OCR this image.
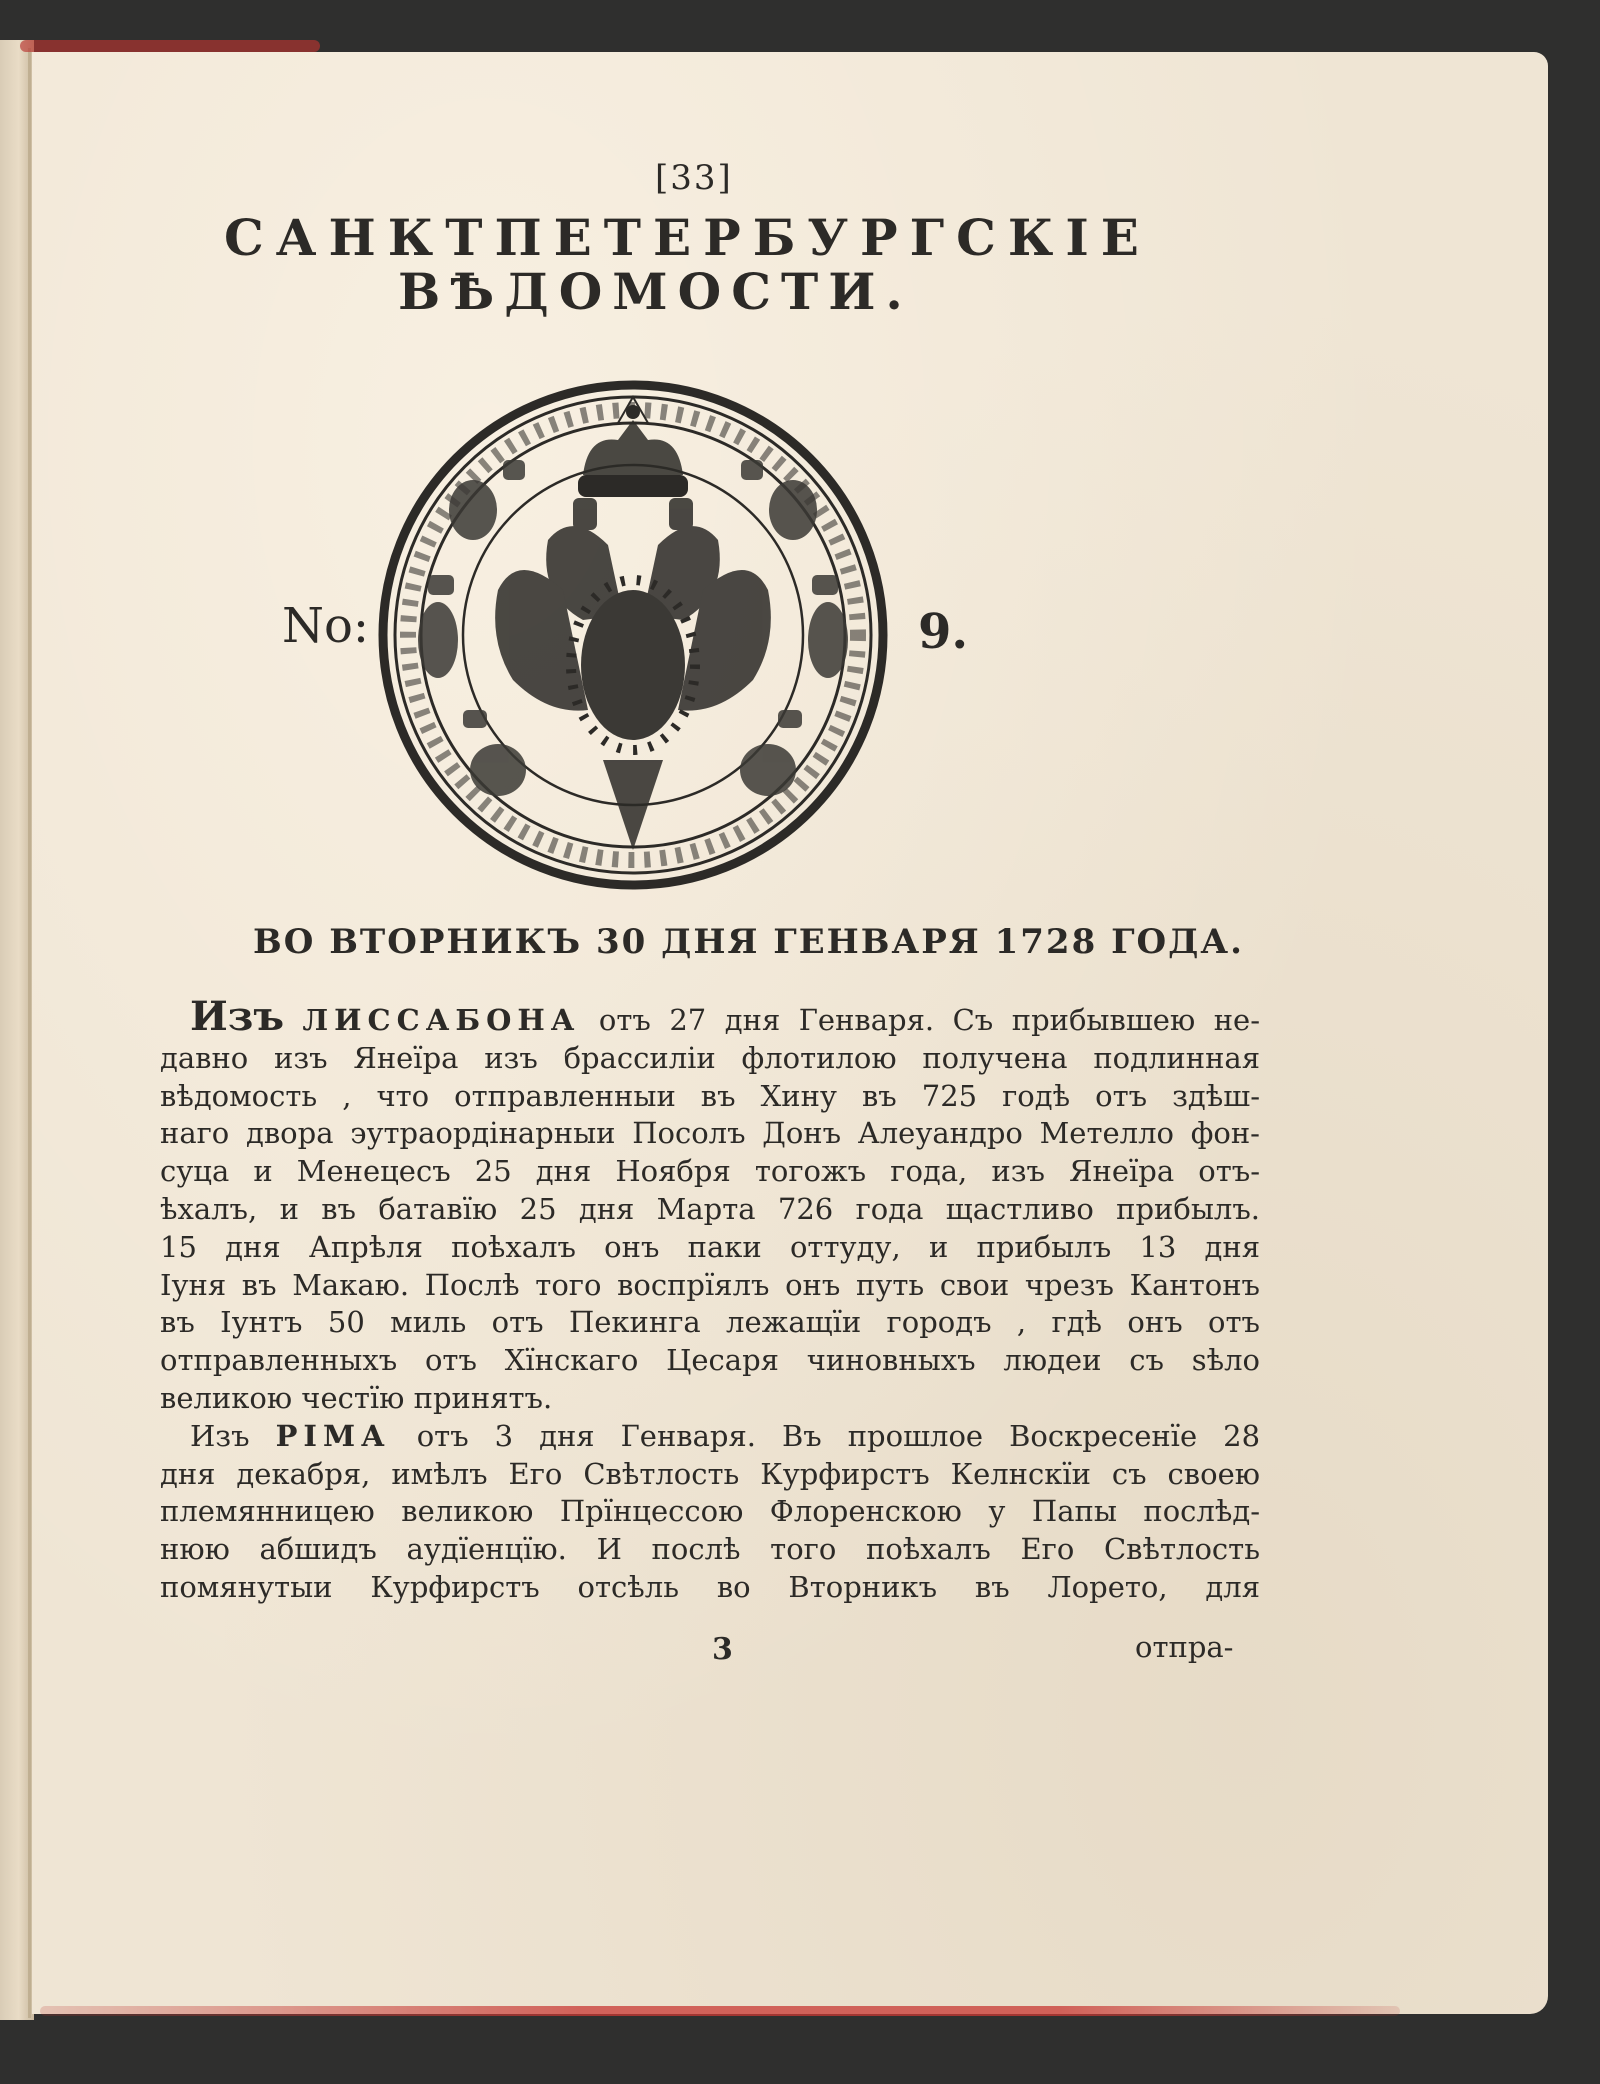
[33]
САНКТПЕТЕРБУРГСКІЕ
ВѢДОМОСТИ.
No:	9.
ВО ВТОРНИКЪ 30 ДНЯ ГЕНВАРЯ 1728 ГОДА.
Изъ ЛИССАБОНА отъ 27 дня Генваря. Съ прибывшею не-
давно изъ Янеїра изъ брассиліи флотилою получена подлинная
вѣдомость , что отправленныи въ Хину въ 725 годѣ отъ здѣш-
наго двора эутраордінарныи Посолъ Донъ Алеуандро Метелло фон-
суца и Менецесъ 25 дня Ноября тогожъ года, изъ Янеїра отъ-
ѣхалъ, и въ батавїю 25 дня Марта 726 года щастливо прибылъ.
15 дня Апрѣля поѣхалъ онъ паки оттуду, и прибылъ 13 дня
Іуня въ Макаю. Послѣ того воспрїялъ онъ путь свои чрезъ Кантонъ
въ Іунтъ 50 миль отъ Пекинга лежащїи городъ , гдѣ онъ отъ
отправленныхъ отъ Хїнскаго Цесаря чиновныхъ людеи съ sѣло
великою честїю принятъ.
Изъ РІМА отъ 3 дня Генваря. Въ прошлое Воскресенїе 28
дня декабря, имѣлъ Его Свѣтлость Курфирстъ Келнскїи съ своею
племянницею великою Прїнцессою Флоренскою у Папы послѣд-
нюю абшидъ аудїенцїю. И послѣ того поѣхалъ Его Свѣтлость
помянутыи Курфирстъ отсѣль во Вторникъ въ Лорето, для
3	отпра-
